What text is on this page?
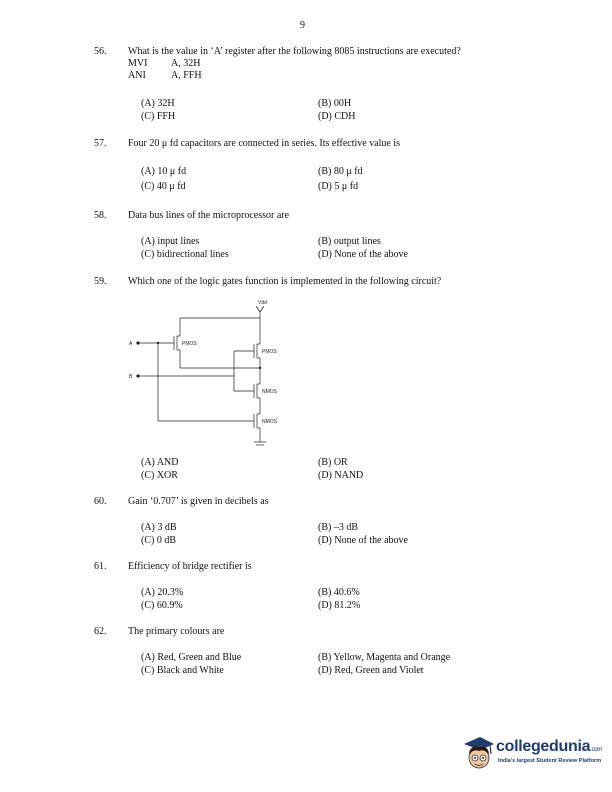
9
56. What is the value in ‘A’ register after the following 8085 instructions are executed?
MVI A, 32H
ANI	A, FFH
(A) 32H	(B) 00H
(C) FFH	(D) CDH
57. Four 20 μ fd capacitors are connected in series. Its effective value is
(A) 10 μ fd	(B) 80 μ fd
(C) 40 μ fd	(D) 5 μ fd
58. Data bus lines of the microprocessor are
(A) input lines	(B) output lines
(C) bidirectional lines	(D) None of the above
59. Which one of the logic gates function is implemented in the following circuit?
Vdd
A
B
PMOS
PMOS
NMOS
NMOS
(A) AND	(B) OR
(C) XOR	(D) NAND
60. Gain ‘0.707’ is given in decibels as
(A) 3 dB	(B) –3 dB
(C) 0 dB	(D) None of the above
61. Efficiency of bridge rectifier is
(A) 20.3%	(B) 40.6%
(C) 60.9%	(D) 81.2%
62. The primary colours are
(A) Red, Green and Blue	(B) Yellow, Magenta and Orange
(C) Black and White	(D) Red, Green and Violet
collegedunia.com
India's largest Student Review Platform
